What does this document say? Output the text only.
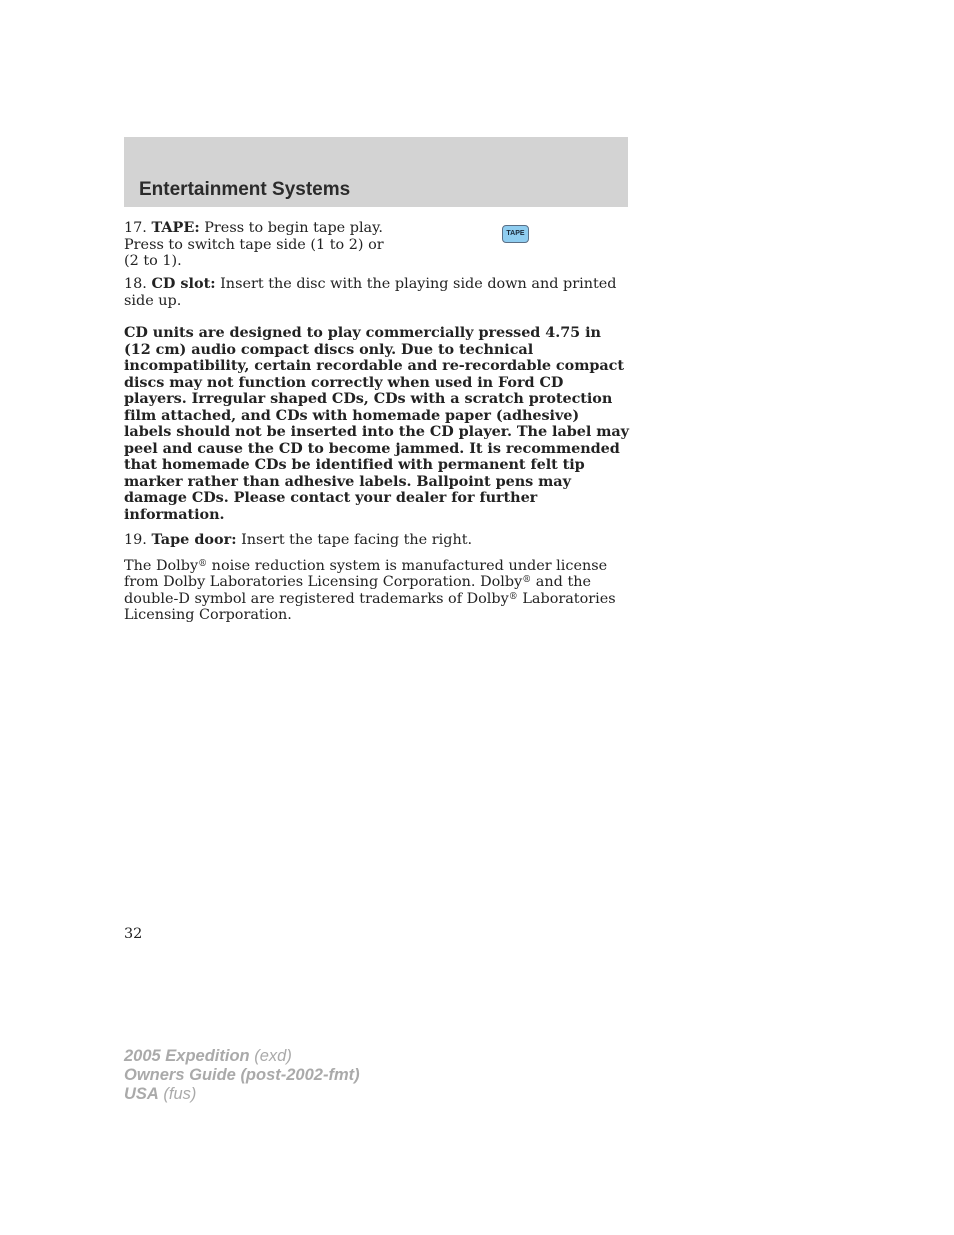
Entertainment Systems
17. TAPE: Press to begin tape play. Press to switch tape side (1 to 2) or (2 to 1).
TAPE

18. CD slot: Insert the disc with the playing side down and printed side up.

CD units are designed to play commercially pressed 4.75 in (12 cm) audio compact discs only. Due to technical incompatibility, certain recordable and re-recordable compact discs may not function correctly when used in Ford CD players. Irregular shaped CDs, CDs with a scratch protection film attached, and CDs with homemade paper (adhesive) labels should not be inserted into the CD player. The label may peel and cause the CD to become jammed. It is recommended that homemade CDs be identified with permanent felt tip marker rather than adhesive labels. Ballpoint pens may damage CDs. Please contact your dealer for further information.

19. Tape door: Insert the tape facing the right.

The Dolby® noise reduction system is manufactured under license from Dolby Laboratories Licensing Corporation. Dolby® and the double-D symbol are registered trademarks of Dolby® Laboratories Licensing Corporation.

32
2005 Expedition (exd)
Owners Guide (post-2002-fmt)
USA (fus)
